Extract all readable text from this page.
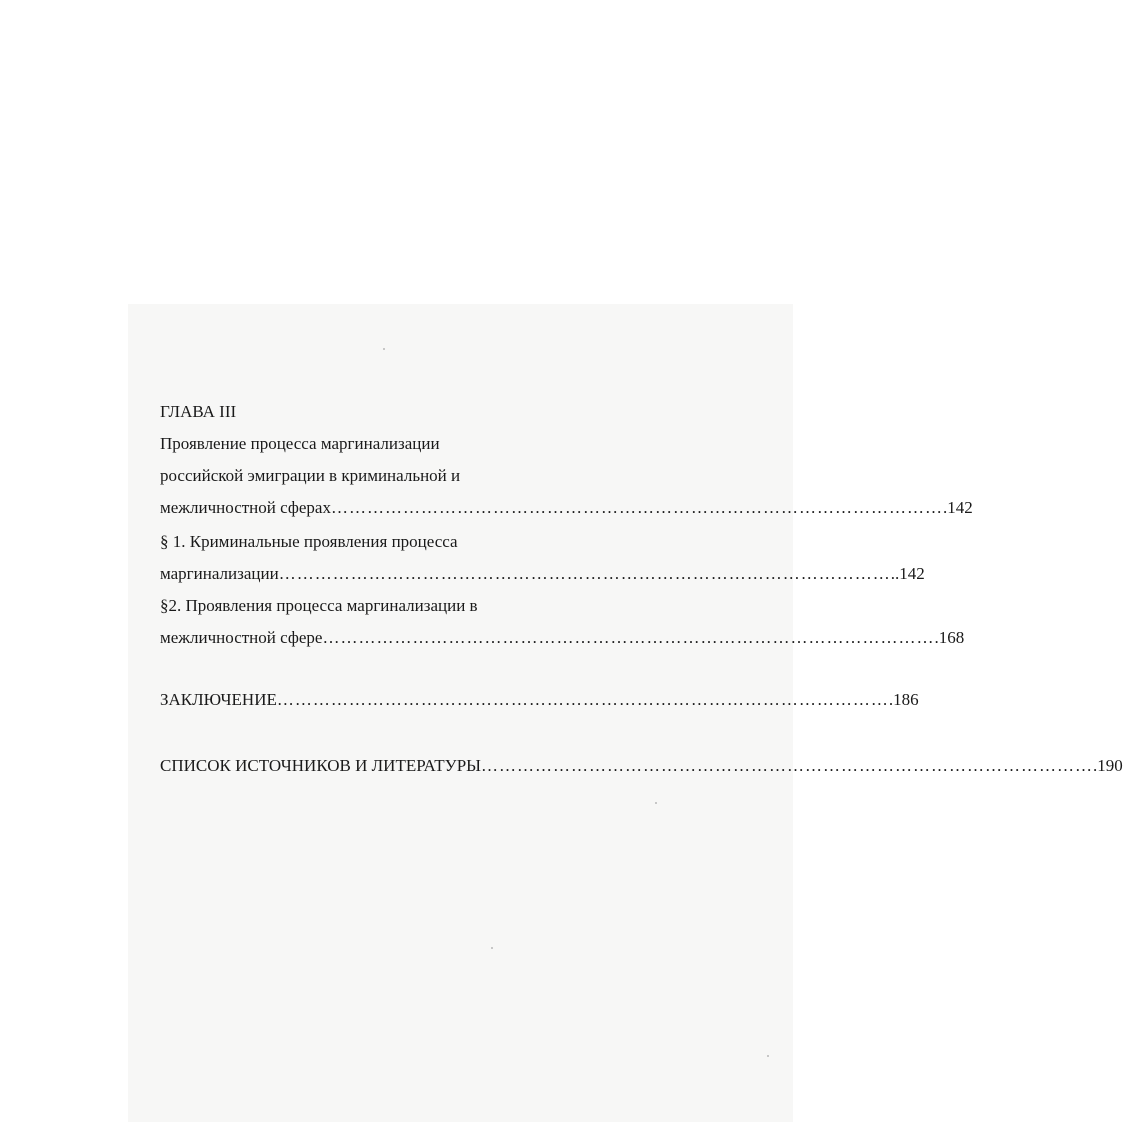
ГЛАВА III
Проявление процесса маргинализации
российской эмиграции в криминальной и
межличностной сферах ………………………………………………………………………………………… .142
§ 1. Криминальные проявления процесса
маргинализации ………………………………………………………………………………………… ..142
§2. Проявления процесса маргинализации в
межличностной сфере ………………………………………………………………………………………… .168
ЗАКЛЮЧЕНИЕ ………………………………………………………………………………………… .186
СПИСОК ИСТОЧНИКОВ И ЛИТЕРАТУРЫ ………………………………………………………………………………………… .190
